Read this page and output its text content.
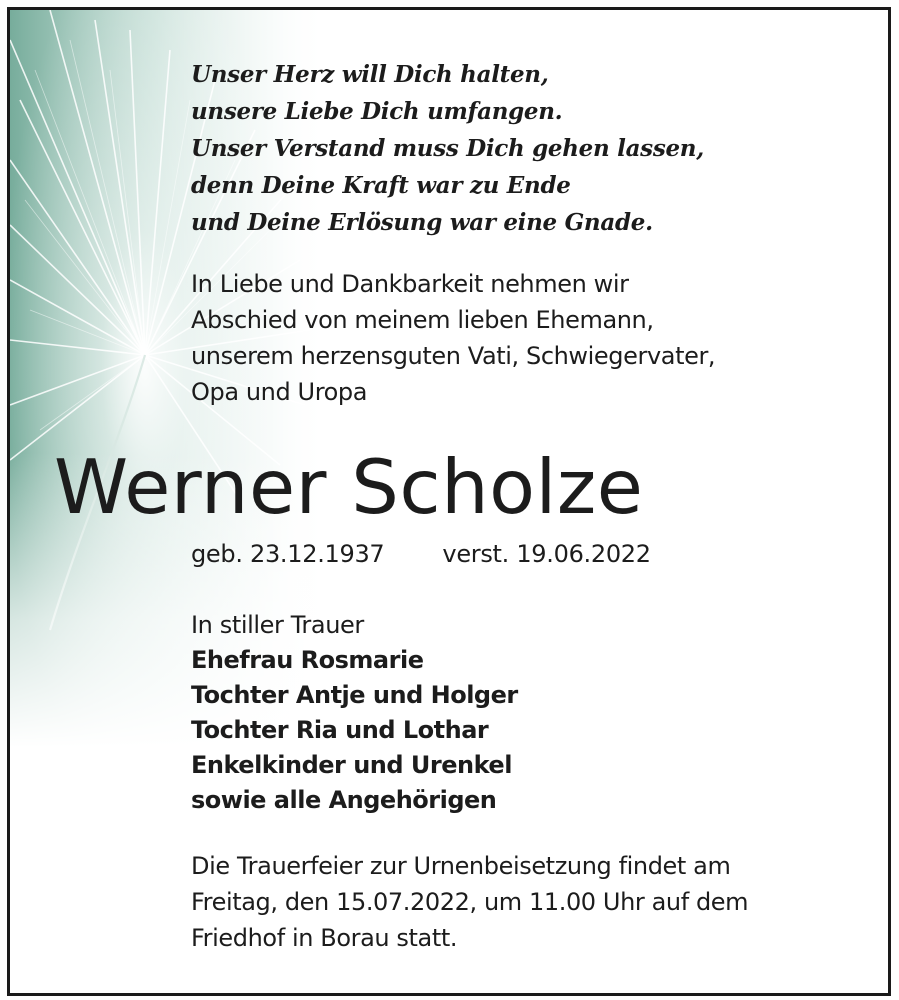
Unser Herz will Dich halten,
unsere Liebe Dich umfangen.
Unser Verstand muss Dich gehen lassen,
denn Deine Kraft war zu Ende
und Deine Erlösung war eine Gnade.
In Liebe und Dankbarkeit nehmen wir
Abschied von meinem lieben Ehemann,
unserem herzensguten Vati, Schwiegervater,
Opa und Uropa
Werner Scholze
geb. 23.12.1937 verst. 19.06.2022
In stiller Trauer
Ehefrau Rosmarie
Tochter Antje und Holger
Tochter Ria und Lothar
Enkelkinder und Urenkel
sowie alle Angehörigen
Die Trauerfeier zur Urnenbeisetzung findet am
Freitag, den 15.07.2022, um 11.00 Uhr auf dem
Friedhof in Borau statt.
